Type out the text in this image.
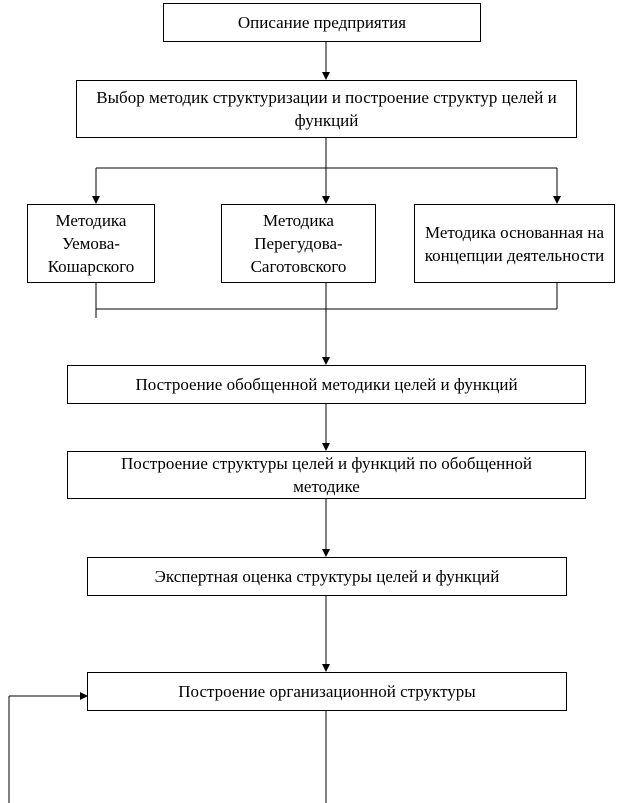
Описание предприятия
Выбор методик структуризации и построение структур целей и функций
Методика Уемова-Кошарского
Методика Перегудова-Саготовского
Методика основанная на концепции деятельности
Построение обобщенной методики целей и функций
Построение структуры целей и функций по обобщенной методике
Экспертная оценка структуры целей и функций
Построение организационной структуры
